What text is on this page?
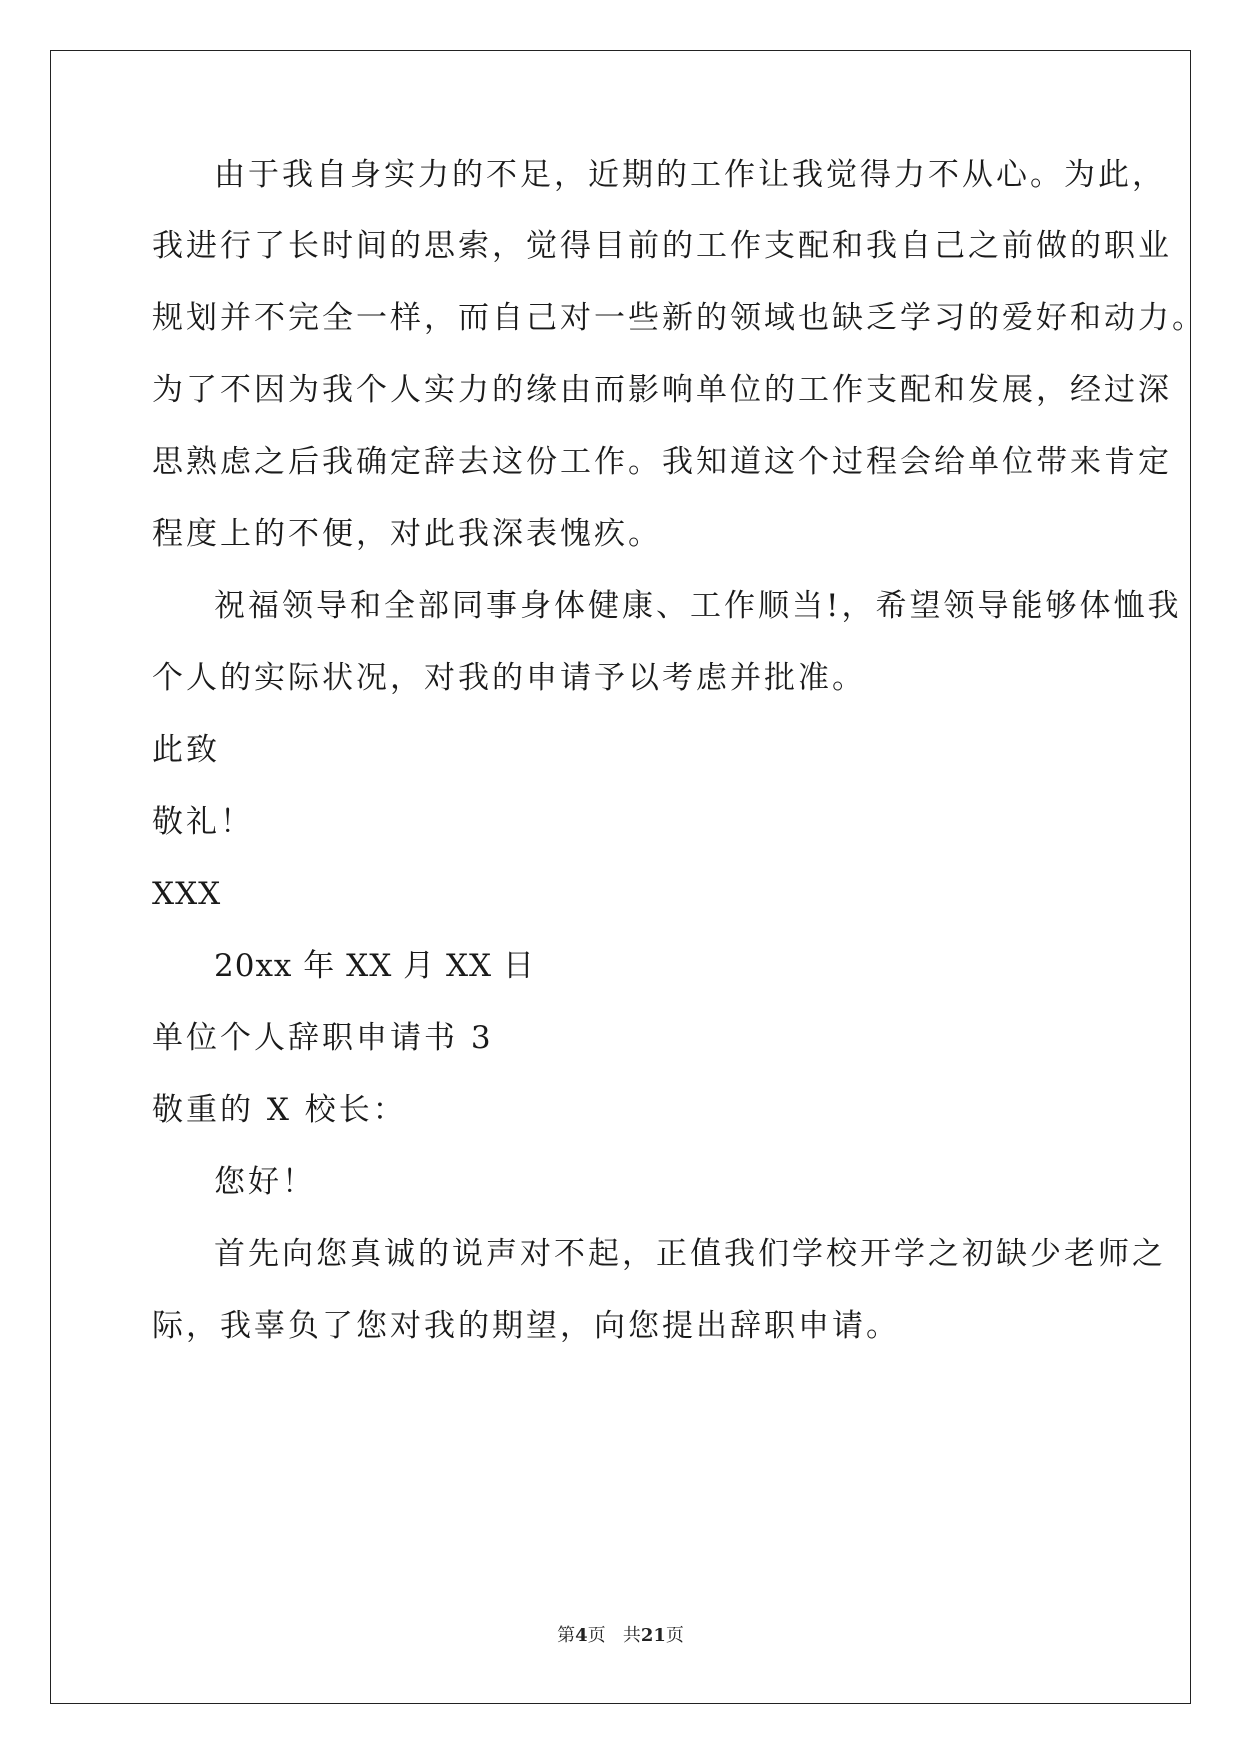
由于我自身实力的不足，近期的工作让我觉得力不从心。为此，
我进行了长时间的思索，觉得目前的工作支配和我自己之前做的职业
规划并不完全一样，而自己对一些新的领域也缺乏学习的爱好和动力。
为了不因为我个人实力的缘由而影响单位的工作支配和发展，经过深
思熟虑之后我确定辞去这份工作。我知道这个过程会给单位带来肯定
程度上的不便，对此我深表愧疚。
祝福领导和全部同事身体健康、工作顺当!，希望领导能够体恤我
个人的实际状况，对我的申请予以考虑并批准。
此致
敬礼！
XXX
20xx 年 XX 月 XX 日
单位个人辞职申请书 3
敬重的 X 校长：
您好！
首先向您真诚的说声对不起，正值我们学校开学之初缺少老师之
际，我辜负了您对我的期望，向您提出辞职申请。
第4页 共21页
